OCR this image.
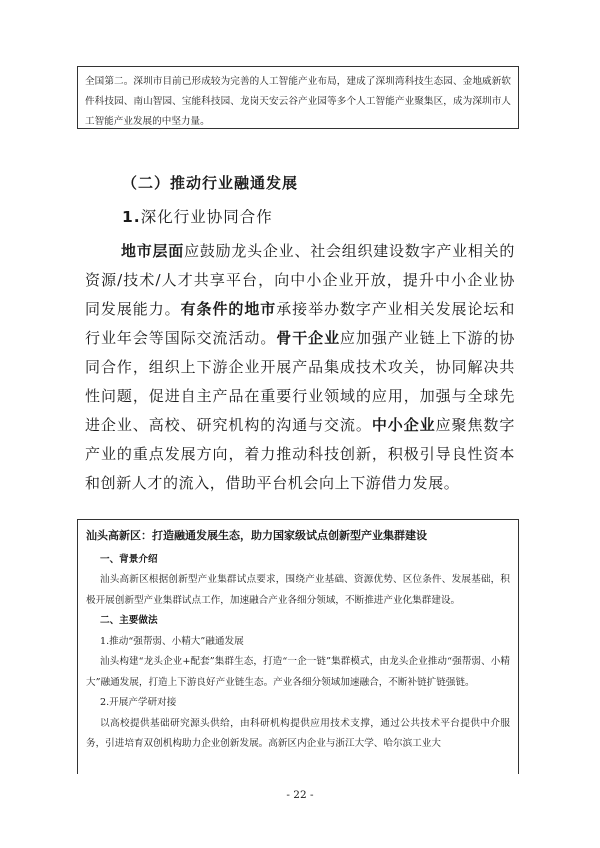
全国第二。深圳市目前已形成较为完善的人工智能产业布局，建成了深圳湾科技生态园、金地威新软件科技园、南山智园、宝能科技园、龙岗天安云谷产业园等多个人工智能产业聚集区，成为深圳市人工智能产业发展的中坚力量。
（二）推动行业融通发展
1.深化行业协同合作

地市层面应鼓励龙头企业、社会组织建设数字产业相关的资源/技术/人才共享平台，向中小企业开放，提升中小企业协同发展能力。有条件的地市承接举办数字产业相关发展论坛和行业年会等国际交流活动。骨干企业应加强产业链上下游的协同合作，组织上下游企业开展产品集成技术攻关，协同解决共性问题，促进自主产品在重要行业领域的应用，加强与全球先进企业、高校、研究机构的沟通与交流。中小企业应聚焦数字产业的重点发展方向，着力推动科技创新，积极引导良性资本和创新人才的流入，借助平台机会向上下游借力发展。

汕头高新区：打造融通发展生态，助力国家级试点创新型产业集群建设

一、背景介绍

汕头高新区根据创新型产业集群试点要求，围绕产业基础、资源优势、区位条件、发展基础，积极开展创新型产业集群试点工作，加速融合产业各细分领域，不断推进产业化集群建设。

二、主要做法

1.推动“强帮弱、小精大”融通发展

汕头构建“龙头企业+配套”集群生态，打造“一企一链”集群模式，由龙头企业推动“强帮弱、小精大”融通发展，打造上下游良好产业链生态。产业各细分领域加速融合，不断补链扩链强链。

2.开展产学研对接

以高校提供基础研究源头供给，由科研机构提供应用技术支撑，通过公共技术平台提供中介服务，引进培育双创机构助力企业创新发展。高新区内企业与浙江大学、哈尔滨工业大

- 22 -
